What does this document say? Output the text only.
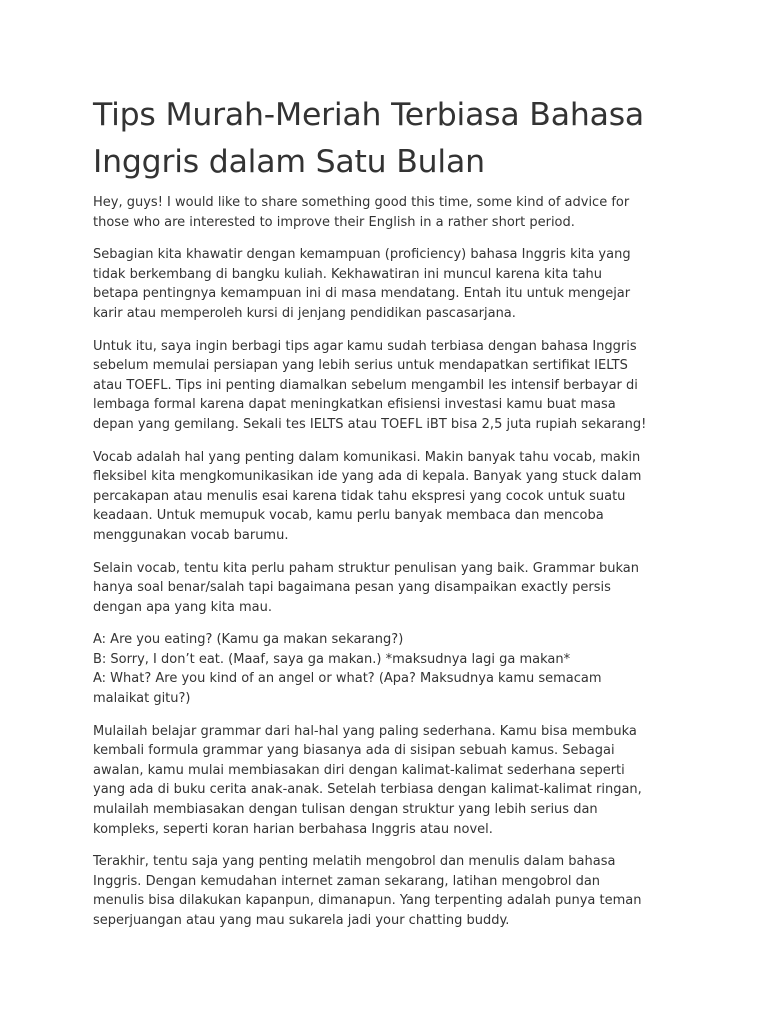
Tips Murah-Meriah Terbiasa Bahasa
Inggris dalam Satu Bulan

Hey, guys! I would like to share something good this time, some kind of advice for
those who are interested to improve their English in a rather short period.

Sebagian kita khawatir dengan kemampuan (proficiency) bahasa Inggris kita yang
tidak berkembang di bangku kuliah. Kekhawatiran ini muncul karena kita tahu
betapa pentingnya kemampuan ini di masa mendatang. Entah itu untuk mengejar
karir atau memperoleh kursi di jenjang pendidikan pascasarjana.

Untuk itu, saya ingin berbagi tips agar kamu sudah terbiasa dengan bahasa Inggris
sebelum memulai persiapan yang lebih serius untuk mendapatkan sertifikat IELTS
atau TOEFL. Tips ini penting diamalkan sebelum mengambil les intensif berbayar di
lembaga formal karena dapat meningkatkan efisiensi investasi kamu buat masa
depan yang gemilang. Sekali tes IELTS atau TOEFL iBT bisa 2,5 juta rupiah sekarang!

Vocab adalah hal yang penting dalam komunikasi. Makin banyak tahu vocab, makin
fleksibel kita mengkomunikasikan ide yang ada di kepala. Banyak yang stuck dalam
percakapan atau menulis esai karena tidak tahu ekspresi yang cocok untuk suatu
keadaan. Untuk memupuk vocab, kamu perlu banyak membaca dan mencoba
menggunakan vocab barumu.

Selain vocab, tentu kita perlu paham struktur penulisan yang baik. Grammar bukan
hanya soal benar/salah tapi bagaimana pesan yang disampaikan exactly persis
dengan apa yang kita mau.

A: Are you eating? (Kamu ga makan sekarang?)
B: Sorry, I don’t eat. (Maaf, saya ga makan.) *maksudnya lagi ga makan*
A: What? Are you kind of an angel or what? (Apa? Maksudnya kamu semacam
malaikat gitu?)

Mulailah belajar grammar dari hal-hal yang paling sederhana. Kamu bisa membuka
kembali formula grammar yang biasanya ada di sisipan sebuah kamus. Sebagai
awalan, kamu mulai membiasakan diri dengan kalimat-kalimat sederhana seperti
yang ada di buku cerita anak-anak. Setelah terbiasa dengan kalimat-kalimat ringan,
mulailah membiasakan dengan tulisan dengan struktur yang lebih serius dan
kompleks, seperti koran harian berbahasa Inggris atau novel.

Terakhir, tentu saja yang penting melatih mengobrol dan menulis dalam bahasa
Inggris. Dengan kemudahan internet zaman sekarang, latihan mengobrol dan
menulis bisa dilakukan kapanpun, dimanapun. Yang terpenting adalah punya teman
seperjuangan atau yang mau sukarela jadi your chatting buddy.
